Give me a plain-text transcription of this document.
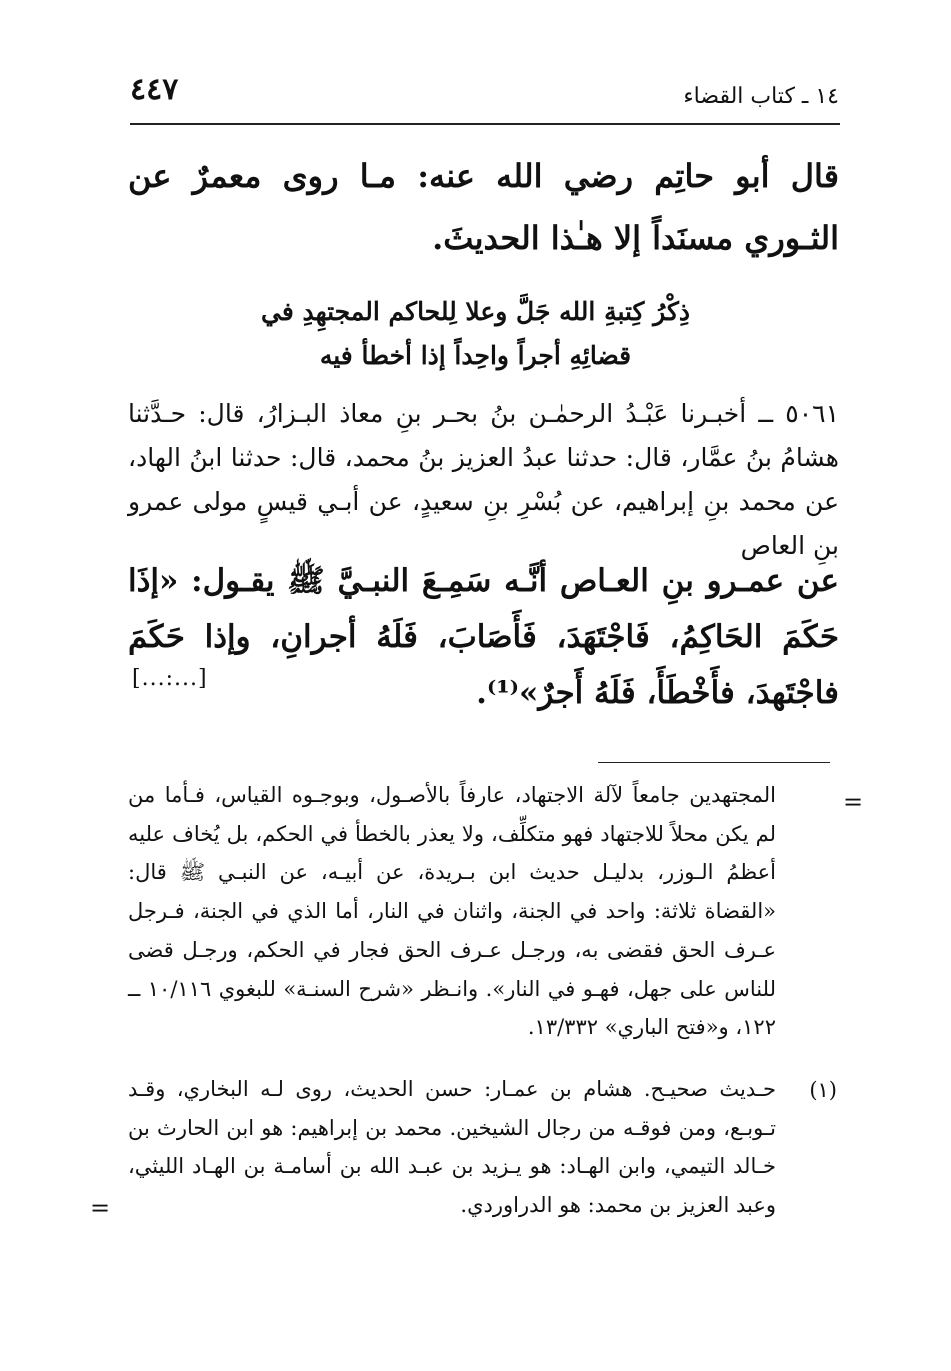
٤٤٧	١٤ ـ كتاب القضاء
قال أبو حاتِم رضي الله عنه: مـا روى معمرٌ عن الثـوري مسنَداً إلا هـٰذا الحديثَ.
ذِكْرُ كِتبةِ الله جَلَّ وعلا لِلحاكم المجتهِدِ في
قضائِهِ أجراً واحِداً إذا أخطأ فيه
٥٠٦١ ــ أخبـرنا عَبْـدُ الرحمٰـن بنُ بحـر بنِ معاذ البـزارُ، قال: حـدَّثنا هشامُ بنُ عمَّار، قال: حدثنا عبدُ العزيز بنُ محمد، قال: حدثنا ابنُ الهاد، عن محمد بنِ إبراهيم، عن بُسْرِ بنِ سعيدٍ، عن أبـي قيسٍ مولى عمرو بنِ العاص
عن عمـرو بنِ العـاص أنَّـه سَمِـعَ النبـيَّ ﷺ يقـول: «إذَا حَكَمَ الحَاكِمُ، فَاجْتَهَدَ، فَأَصَابَ، فَلَهُ أجرانِ، وإذا حَكَمَ فاجْتَهدَ، فأَخْطَأَ، فَلَهُ أَجرٌ»⁽¹⁾.
[...:...]
=
المجتهدين جامعاً لآلة الاجتهاد، عارفاً بالأصـول، وبوجـوه القياس، فـأما من لم يكن محلاً للاجتهاد فهو متكلِّف، ولا يعذر بالخطأ في الحكم، بل يُخاف عليه أعظمُ الـوزر، بدليـل حديث ابن بـريدة، عن أبيـه، عن النبـي ﷺ قال: «القضاة ثلاثة: واحد في الجنة، واثنان في النار، أما الذي في الجنة، فـرجل عـرف الحق فقضى به، ورجـل عـرف الحق فجار في الحكم، ورجـل قضى للناس على جهل، فهـو في النار». وانـظر «شرح السنـة» للبغوي ١٠/١١٦ ــ ١٢٢، و«فتح الباري» ١٣/٣٣٢.
(١)
حـديث صحيـح. هشام بن عمـار: حسن الحديث، روى لـه البخاري، وقـد تـوبـع، ومن فوقـه من رجال الشيخين. محمد بن إبراهيم: هو ابن الحارث بن خـالد التيمي، وابن الهـاد: هو يـزيد بن عبـد الله بن أسامـة بن الهـاد الليثي، وعبد العزيز بن محمد: هو الدراوردي.
=
